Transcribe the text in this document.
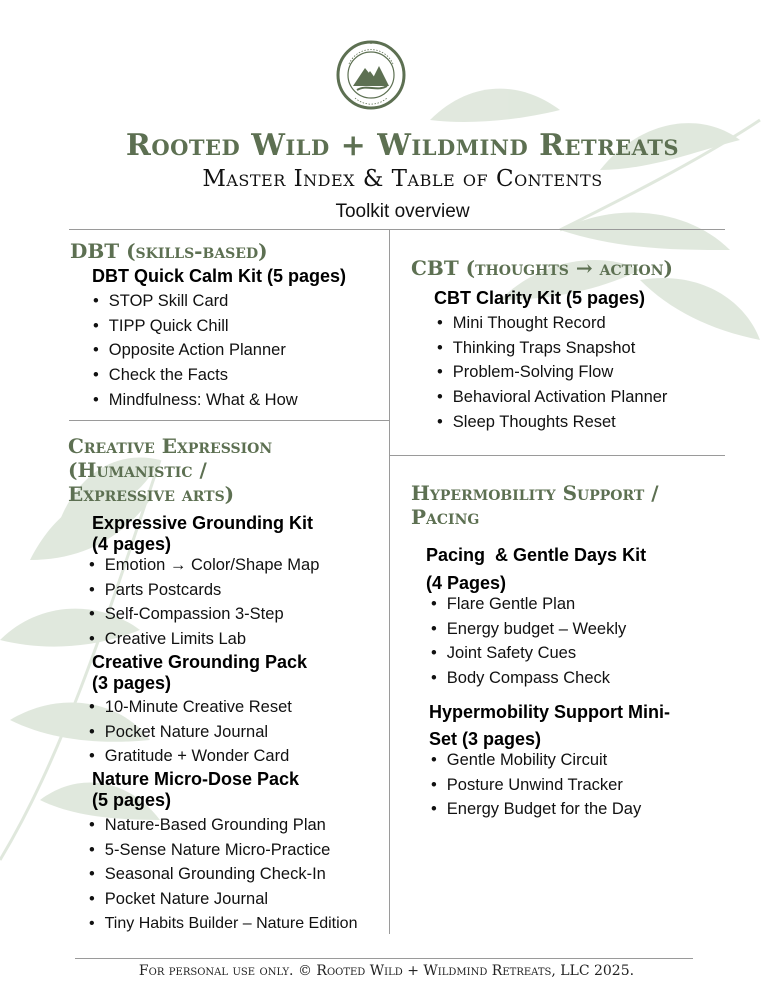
Rooted Wild + Wildmind Retreats
Master Index & Table of Contents
Toolkit overview
DBT (skills-based)
DBT Quick Calm Kit (5 pages)
• STOP Skill Card
• TIPP Quick Chill
• Opposite Action Planner
• Check the Facts
• Mindfulness: What & How
CBT (thoughts → action)
CBT Clarity Kit (5 pages)
• Mini Thought Record
• Thinking Traps Snapshot
• Problem-Solving Flow
• Behavioral Activation Planner
• Sleep Thoughts Reset
Creative Expression
(Humanistic /
Expressive arts)
Expressive Grounding Kit
(4 pages)
• Emotion → Color/Shape Map
• Parts Postcards
• Self-Compassion 3-Step
• Creative Limits Lab
Creative Grounding Pack
(3 pages)
• 10-Minute Creative Reset
• Pocket Nature Journal
• Gratitude + Wonder Card
Nature Micro-Dose Pack
(5 pages)
• Nature-Based Grounding Plan
• 5-Sense Nature Micro-Practice
• Seasonal Grounding Check-In
• Pocket Nature Journal
• Tiny Habits Builder – Nature Edition
Hypermobility Support /
Pacing
Pacing  & Gentle Days Kit
(4 Pages)
• Flare Gentle Plan
• Energy budget – Weekly
• Joint Safety Cues
• Body Compass Check
Hypermobility Support Mini-
Set (3 pages)
• Gentle Mobility Circuit
• Posture Unwind Tracker
• Energy Budget for the Day
For personal use only. © Rooted Wild + Wildmind Retreats, LLC 2025.
